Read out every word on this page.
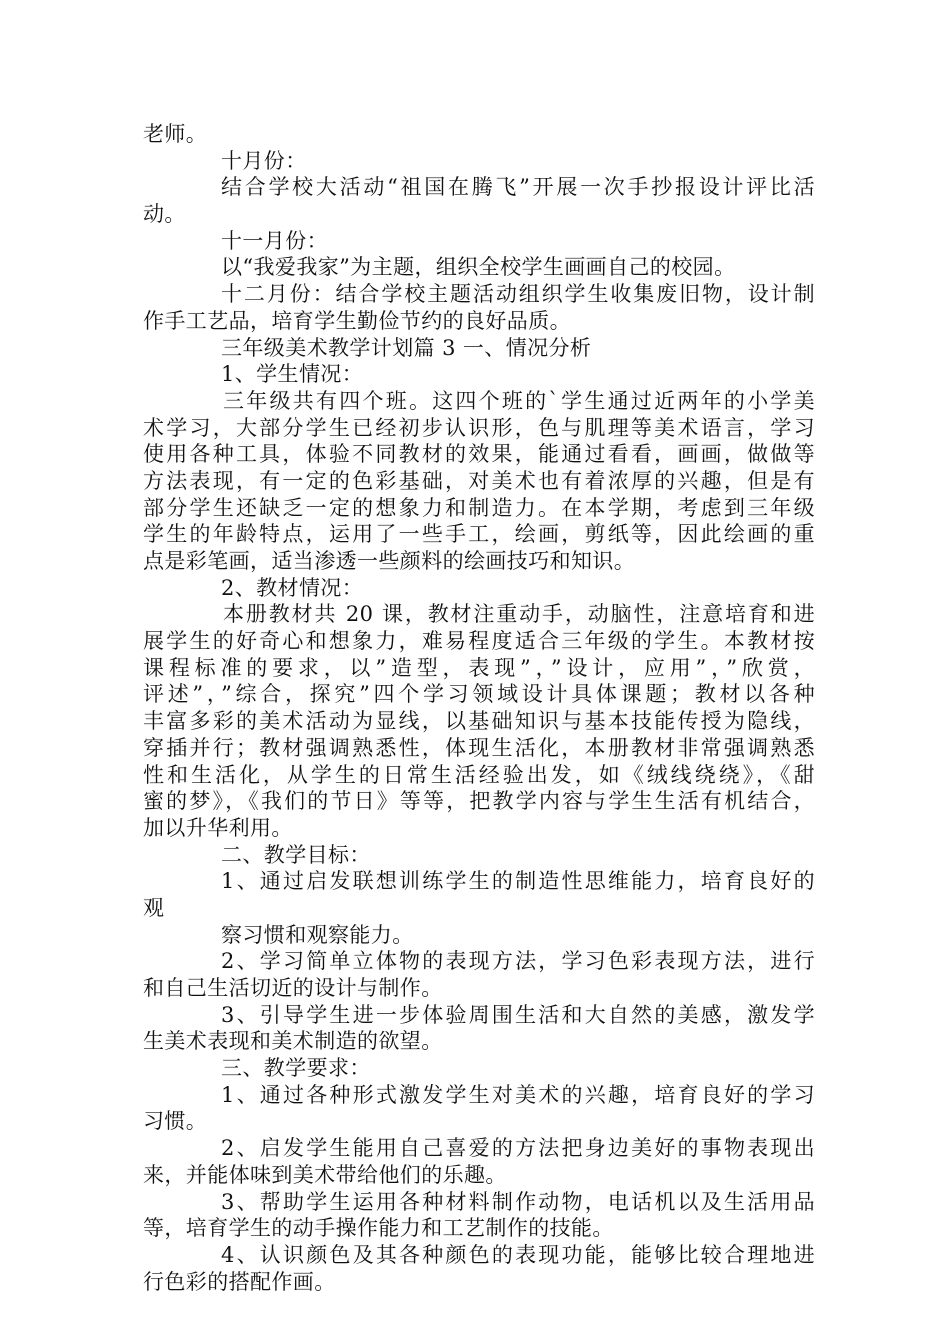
老师。
十月份：
结合学校大活动“祖国在腾飞”开展一次手抄报设计评比活
动。
十一月份：
以“我爱我家”为主题，组织全校学生画画自己的校园。
十二月份：结合学校主题活动组织学生收集废旧物，设计制
作手工艺品，培育学生勤俭节约的良好品质。
三年级美术教学计划篇 3 一、情况分析
1、学生情况：
三年级共有四个班。这四个班的`学生通过近两年的小学美
术学习，大部分学生已经初步认识形，色与肌理等美术语言，学习
使用各种工具，体验不同教材的效果，能通过看看，画画，做做等
方法表现，有一定的色彩基础，对美术也有着浓厚的兴趣，但是有
部分学生还缺乏一定的想象力和制造力。在本学期，考虑到三年级
学生的年龄特点，运用了一些手工，绘画，剪纸等，因此绘画的重
点是彩笔画，适当渗透一些颜料的绘画技巧和知识。
2、教材情况：
本册教材共 20 课，教材注重动手，动脑性，注意培育和进
展学生的好奇心和想象力，难易程度适合三年级的学生。本教材按
课程标准的要求，以”造型，表现”，”设计，应用”，”欣赏，
评述”，”综合，探究”四个学习领域设计具体课题；教材以各种
丰富多彩的美术活动为显线，以基础知识与基本技能传授为隐线，
穿插并行；教材强调熟悉性，体现生活化，本册教材非常强调熟悉
性和生活化，从学生的日常生活经验出发，如《绒线绕绕》，《甜
蜜的梦》，《我们的节日》等等，把教学内容与学生生活有机结合，
加以升华利用。
二、教学目标：
1、通过启发联想训练学生的制造性思维能力，培育良好的
观
察习惯和观察能力。
2、学习简单立体物的表现方法，学习色彩表现方法，进行
和自己生活切近的设计与制作。
3、引导学生进一步体验周围生活和大自然的美感，激发学
生美术表现和美术制造的欲望。
三、教学要求：
1、通过各种形式激发学生对美术的兴趣，培育良好的学习
习惯。
2、启发学生能用自己喜爱的方法把身边美好的事物表现出
来，并能体味到美术带给他们的乐趣。
3、帮助学生运用各种材料制作动物，电话机以及生活用品
等，培育学生的动手操作能力和工艺制作的技能。
4、认识颜色及其各种颜色的表现功能，能够比较合理地进
行色彩的搭配作画。
